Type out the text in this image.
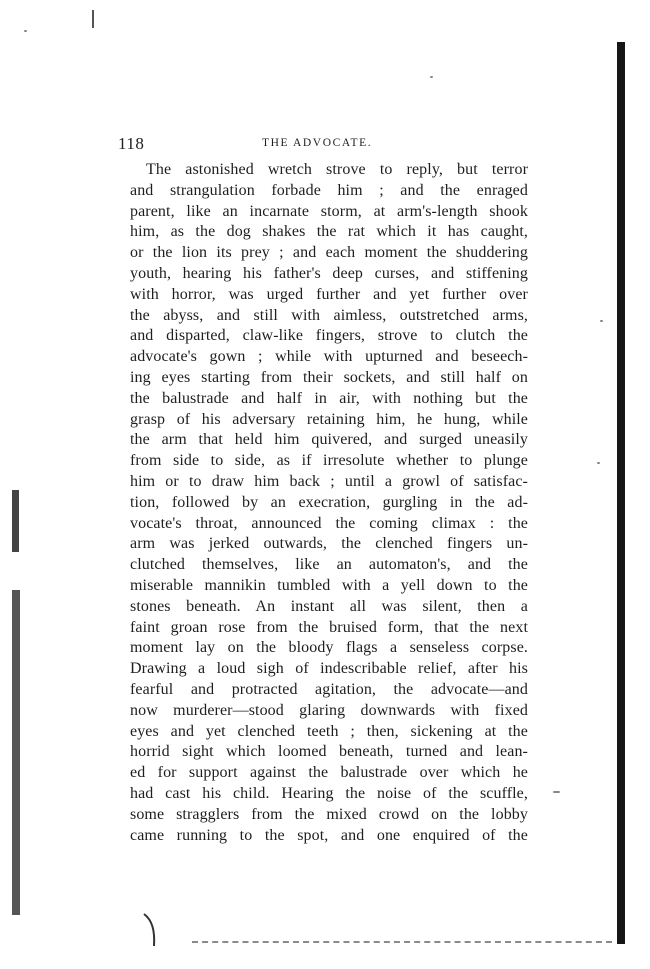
118	THE ADVOCATE.

The astonished wretch strove to reply, but terror
and strangulation forbade him ; and the enraged
parent, like an incarnate storm, at arm's-length shook
him, as the dog shakes the rat which it has caught,
or the lion its prey ; and each moment the shuddering
youth, hearing his father's deep curses, and stiffening
with horror, was urged further and yet further over
the abyss, and still with aimless, outstretched arms,
and disparted, claw-like fingers, strove to clutch the
advocate's gown ; while with upturned and beseech-
ing eyes starting from their sockets, and still half on
the balustrade and half in air, with nothing but the
grasp of his adversary retaining him, he hung, while
the arm that held him quivered, and surged uneasily
from side to side, as if irresolute whether to plunge
him or to draw him back ; until a growl of satisfac-
tion, followed by an execration, gurgling in the ad-
vocate's throat, announced the coming climax : the
arm was jerked outwards, the clenched fingers un-
clutched themselves, like an automaton's, and the
miserable mannikin tumbled with a yell down to the
stones beneath. An instant all was silent, then a
faint groan rose from the bruised form, that the next
moment lay on the bloody flags a senseless corpse.
Drawing a loud sigh of indescribable relief, after his
fearful and protracted agitation, the advocate—and
now murderer—stood glaring downwards with fixed
eyes and yet clenched teeth ; then, sickening at the
horrid sight which loomed beneath, turned and lean-
ed for support against the balustrade over which he
had cast his child. Hearing the noise of the scuffle,
some stragglers from the mixed crowd on the lobby
came running to the spot, and one enquired of the
